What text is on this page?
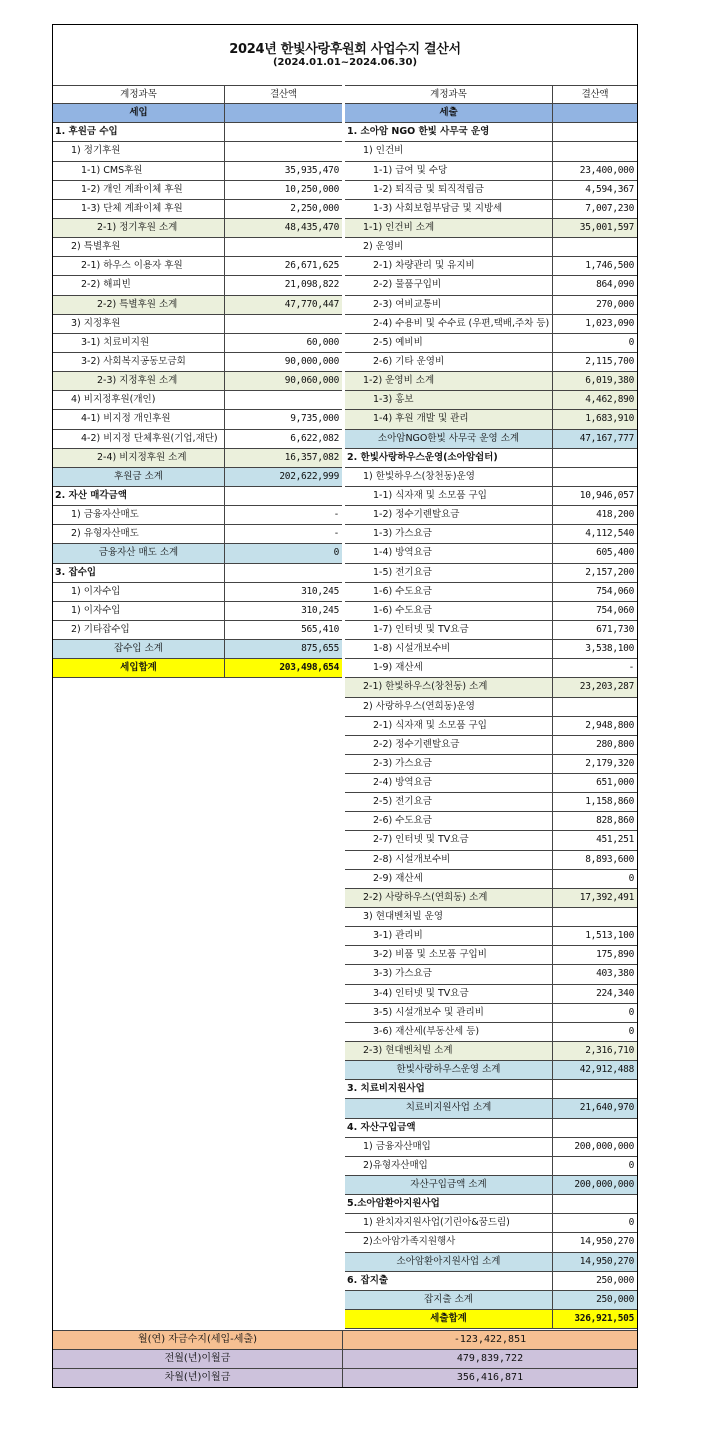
2024년 한빛사랑후원회 사업수지 결산서
(2024.01.01~2024.06.30)
계정과목	결산액
세입
1. 후원금 수입
1) 정기후원
1-1) CMS후원	35,935,470
1-2) 개인 계좌이체 후원	10,250,000
1-3) 단체 계좌이체 후원	2,250,000
2-1) 정기후원 소계	48,435,470
2) 특별후원
2-1) 하우스 이용자 후원	26,671,625
2-2) 해피빈	21,098,822
2-2) 특별후원 소계	47,770,447
3) 지정후원
3-1) 치료비지원	60,000
3-2) 사회복지공동모금회	90,000,000
2-3) 지정후원 소계	90,060,000
4) 비지정후원(개인)
4-1) 비지정 개인후원	9,735,000
4-2) 비지정 단체후원(기업,재단)	6,622,082
2-4) 비지정후원 소계	16,357,082
후원금 소계	202,622,999
2. 자산 매각금액
1) 금융자산매도	-
2) 유형자산매도	-
금융자산 매도 소계	0
3. 잡수입
1) 이자수입	310,245
1) 이자수입	310,245
2) 기타잡수입	565,410
잡수입 소계	875,655
세입합계	203,498,654
계정과목	결산액
세출
1. 소아암 NGO 한빛 사무국 운영
1) 인건비
1-1) 급여 및 수당	23,400,000
1-2) 퇴직금 및 퇴직적립금	4,594,367
1-3) 사회보험부담금 및 지방세	7,007,230
1-1) 인건비 소계	35,001,597
2) 운영비
2-1) 차량관리 및 유지비	1,746,500
2-2) 물품구입비	864,090
2-3) 여비교통비	270,000
2-4) 수용비 및 수수료 (우편,택배,주차 등)	1,023,090
2-5) 예비비	0
2-6) 기타 운영비	2,115,700
1-2) 운영비 소계	6,019,380
1-3) 홍보	4,462,890
1-4) 후원 개발 및 관리	1,683,910
소아암NGO한빛 사무국 운영 소계	47,167,777
2. 한빛사랑하우스운영(소아암쉼터)
1) 한빛하우스(창천동)운영
1-1) 식자재 및 소모품 구입	10,946,057
1-2) 정수기렌탈요금	418,200
1-3) 가스요금	4,112,540
1-4) 방역요금	605,400
1-5) 전기요금	2,157,200
1-6) 수도요금	754,060
1-6) 수도요금	754,060
1-7) 인터넷 및 TV요금	671,730
1-8) 시설개보수비	3,538,100
1-9) 재산세	-
2-1) 한빛하우스(창천동) 소계	23,203,287
2) 사랑하우스(연희동)운영
2-1) 식자재 및 소모품 구입	2,948,800
2-2) 정수기렌탈요금	280,800
2-3) 가스요금	2,179,320
2-4) 방역요금	651,000
2-5) 전기요금	1,158,860
2-6) 수도요금	828,860
2-7) 인터넷 및 TV요금	451,251
2-8) 시설개보수비	8,893,600
2-9) 재산세	0
2-2) 사랑하우스(연희동) 소계	17,392,491
3) 현대벤처빌 운영
3-1) 관리비	1,513,100
3-2) 비품 및 소모품 구입비	175,890
3-3) 가스요금	403,380
3-4) 인터넷 및 TV요금	224,340
3-5) 시설개보수 및 관리비	0
3-6) 재산세(부동산세 등)	0
2-3) 현대벤처빌 소계	2,316,710
한빛사랑하우스운영 소계	42,912,488
3. 치료비지원사업
치료비지원사업 소계	21,640,970
4. 자산구입금액
1) 금융자산매입	200,000,000
2)유형자산매입	0
자산구입금액 소계	200,000,000
5.소아암환아지원사업
1) 완치자지원사업(기린아&꿈드림)	0
2)소아암가족지원행사	14,950,270
소아암환아지원사업 소계	14,950,270
6. 잡지출	250,000
잡지출 소계	250,000
세출합계	326,921,505
월(연) 자금수지(세입-세출)	-123,422,851
전월(년)이월금	479,839,722
차월(년)이월금	356,416,871
